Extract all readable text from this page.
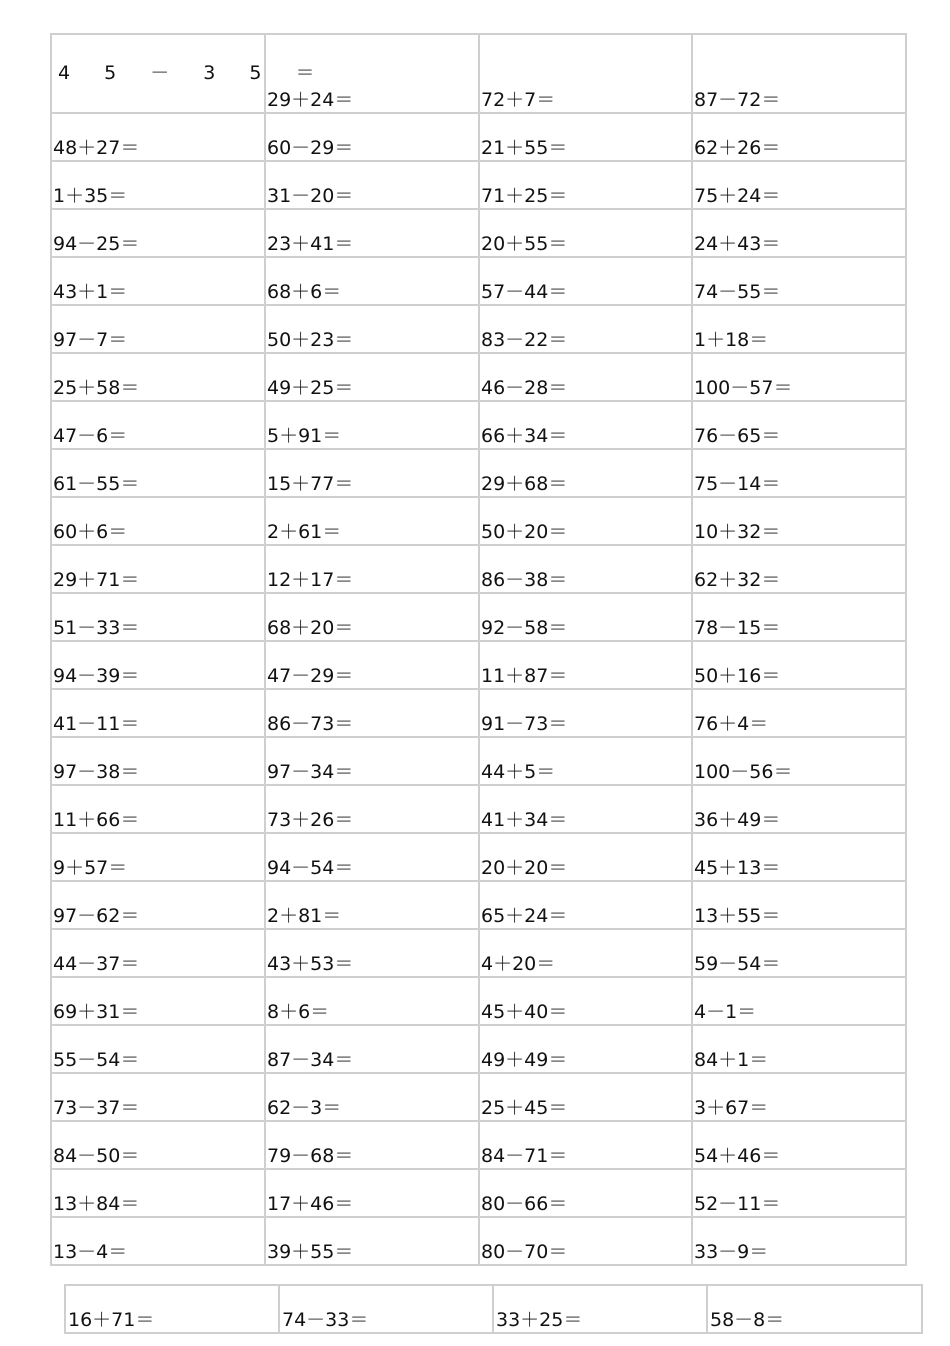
4 5 － 3 5 ＝	29＋24＝	72＋7＝	87－72＝
48＋27＝	60－29＝	21＋55＝	62＋26＝
1＋35＝	31－20＝	71＋25＝	75＋24＝
94－25＝	23＋41＝	20＋55＝	24＋43＝
43＋1＝	68＋6＝	57－44＝	74－55＝
97－7＝	50＋23＝	83－22＝	1＋18＝
25＋58＝	49＋25＝	46－28＝	100－57＝
47－6＝	5＋91＝	66＋34＝	76－65＝
61－55＝	15＋77＝	29＋68＝	75－14＝
60＋6＝	2＋61＝	50＋20＝	10＋32＝
29＋71＝	12＋17＝	86－38＝	62＋32＝
51－33＝	68＋20＝	92－58＝	78－15＝
94－39＝	47－29＝	11＋87＝	50＋16＝
41－11＝	86－73＝	91－73＝	76＋4＝
97－38＝	97－34＝	44＋5＝	100－56＝
11＋66＝	73＋26＝	41＋34＝	36＋49＝
9＋57＝	94－54＝	20＋20＝	45＋13＝
97－62＝	2＋81＝	65＋24＝	13＋55＝
44－37＝	43＋53＝	4＋20＝	59－54＝
69＋31＝	8＋6＝	45＋40＝	4－1＝
55－54＝	87－34＝	49＋49＝	84＋1＝
73－37＝	62－3＝	25＋45＝	3＋67＝
84－50＝	79－68＝	84－71＝	54＋46＝
13＋84＝	17＋46＝	80－66＝	52－11＝
13－4＝	39＋55＝	80－70＝	33－9＝
16＋71＝	74－33＝	33＋25＝	58－8＝
